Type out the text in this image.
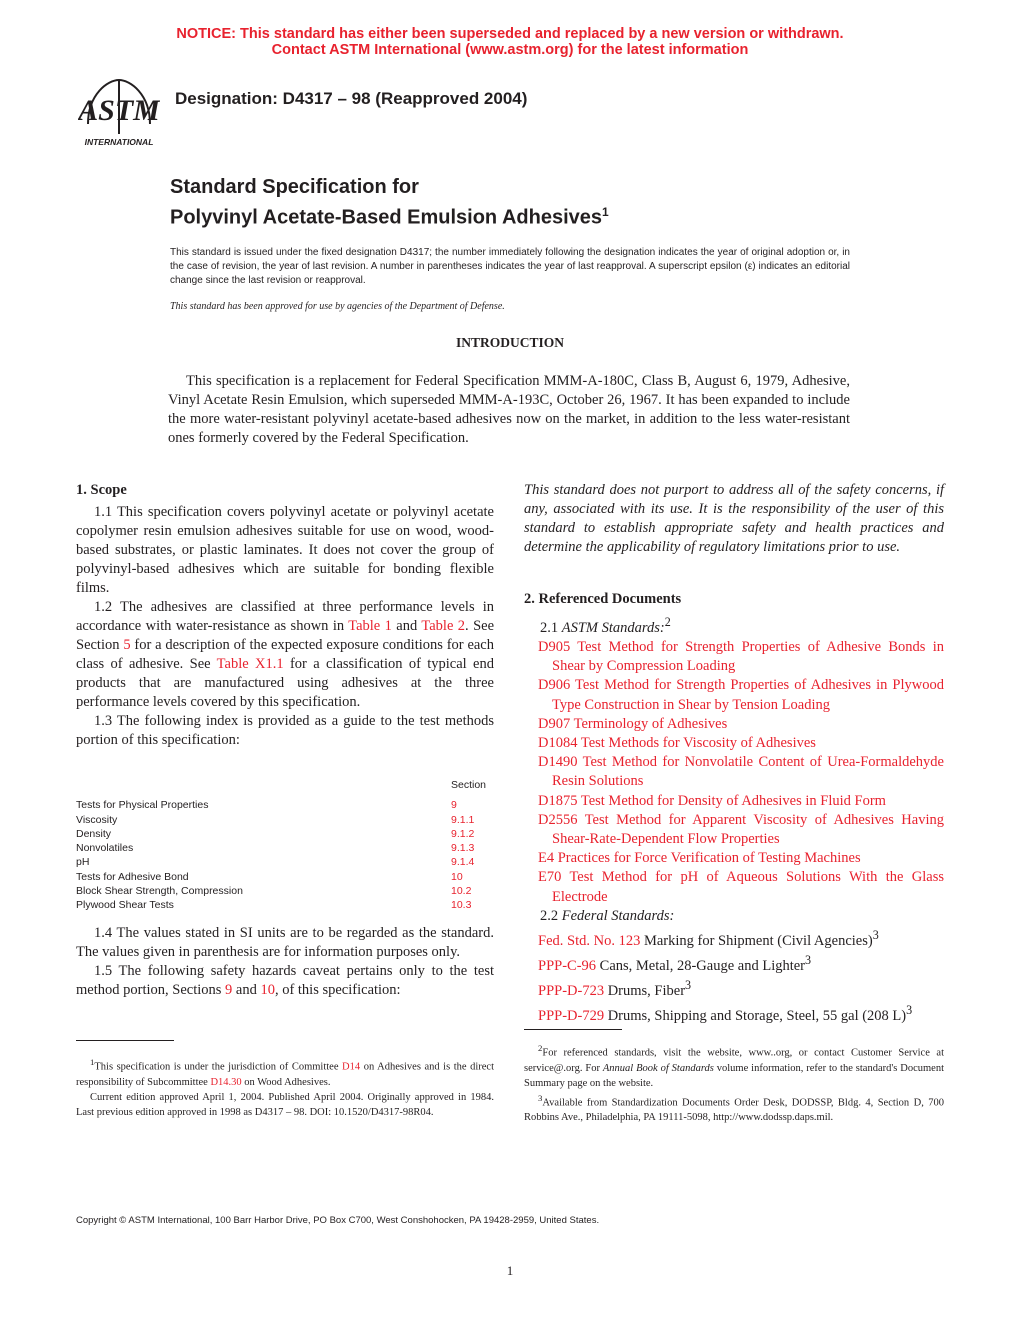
NOTICE: This standard has either been superseded and replaced by a new version or withdrawn.
Contact ASTM International (www.astm.org) for the latest information
ASTM
INTERNATIONAL
Designation: D4317 – 98 (Reapproved 2004)
Standard Specification for
Polyvinyl Acetate-Based Emulsion Adhesives$^1$
This standard is issued under the fixed designation D4317; the number immediately following the designation indicates the year of original adoption or, in the case of revision, the year of last revision. A number in parentheses indicates the year of last reapproval. A superscript epsilon (ε) indicates an editorial change since the last revision or reapproval.
This standard has been approved for use by agencies of the Department of Defense.
INTRODUCTION
This specification is a replacement for Federal Specification MMM-A-180C, Class B, August 6, 1979, Adhesive, Vinyl Acetate Resin Emulsion, which superseded MMM-A-193C, October 26, 1967. It has been expanded to include the more water-resistant polyvinyl acetate-based adhesives now on the market, in addition to the less water-resistant ones formerly covered by the Federal Specification.

1. Scope

1.1 This specification covers polyvinyl acetate or polyvinyl acetate copolymer resin emulsion adhesives suitable for use on wood, wood-based substrates, or plastic laminates. It does not cover the group of polyvinyl-based adhesives which are suitable for bonding flexible films.

1.2 The adhesives are classified at three performance levels in accordance with water-resistance as shown in Table 1 and Table 2. See Section 5 for a description of the expected exposure conditions for each class of adhesive. See Table X1.1 for a classification of typical end products that are manufactured using adhesives at the three performance levels covered by this specification.

1.3 The following index is provided as a guide to the test methods portion of this specification:

Section
Tests for Physical Properties	9
Viscosity	9.1.1
Density	9.1.2
Nonvolatiles	9.1.3
pH	9.1.4
Tests for Adhesive Bond	10
Block Shear Strength, Compression	10.2
Plywood Shear Tests	10.3

1.4 The values stated in SI units are to be regarded as the standard. The values given in parenthesis are for information purposes only.

1.5 The following safety hazards caveat pertains only to the test method portion, Sections 9 and 10, of this specification:

$^1$This specification is under the jurisdiction of Committee D14 on Adhesives and is the direct responsibility of Subcommittee D14.30 on Wood Adhesives.

Current edition approved April 1, 2004. Published April 2004. Originally approved in 1984. Last previous edition approved in 1998 as D4317 – 98. DOI: 10.1520/D4317-98R04.

This standard does not purport to address all of the safety concerns, if any, associated with its use. It is the responsibility of the user of this standard to establish appropriate safety and health practices and determine the applicability of regulatory limitations prior to use.
2. Referenced Documents
2.1 ASTM Standards:$^2$
D905 Test Method for Strength Properties of Adhesive Bonds in Shear by Compression Loading
D906 Test Method for Strength Properties of Adhesives in Plywood Type Construction in Shear by Tension Loading
D907 Terminology of Adhesives
D1084 Test Methods for Viscosity of Adhesives
D1490 Test Method for Nonvolatile Content of Urea-Formaldehyde Resin Solutions
D1875 Test Method for Density of Adhesives in Fluid Form
D2556 Test Method for Apparent Viscosity of Adhesives Having Shear-Rate-Dependent Flow Properties
E4 Practices for Force Verification of Testing Machines
E70 Test Method for pH of Aqueous Solutions With the Glass Electrode
2.2 Federal Standards:
Fed. Std. No. 123 Marking for Shipment (Civil Agencies)$^3$
PPP-C-96 Cans, Metal, 28-Gauge and Lighter$^3$
PPP-D-723 Drums, Fiber$^3$
PPP-D-729 Drums, Shipping and Storage, Steel, 55 gal (208 L)$^3$

$^2$For referenced standards, visit the website, www..org, or contact Customer Service at service@.org. For Annual Book of Standards volume information, refer to the standard's Document Summary page on the website.

$^3$Available from Standardization Documents Order Desk, DODSSP, Bldg. 4, Section D, 700 Robbins Ave., Philadelphia, PA 19111-5098, http://www.dodssp.daps.mil.

Copyright © ASTM International, 100 Barr Harbor Drive, PO Box C700, West Conshohocken, PA 19428-2959, United States.
1
